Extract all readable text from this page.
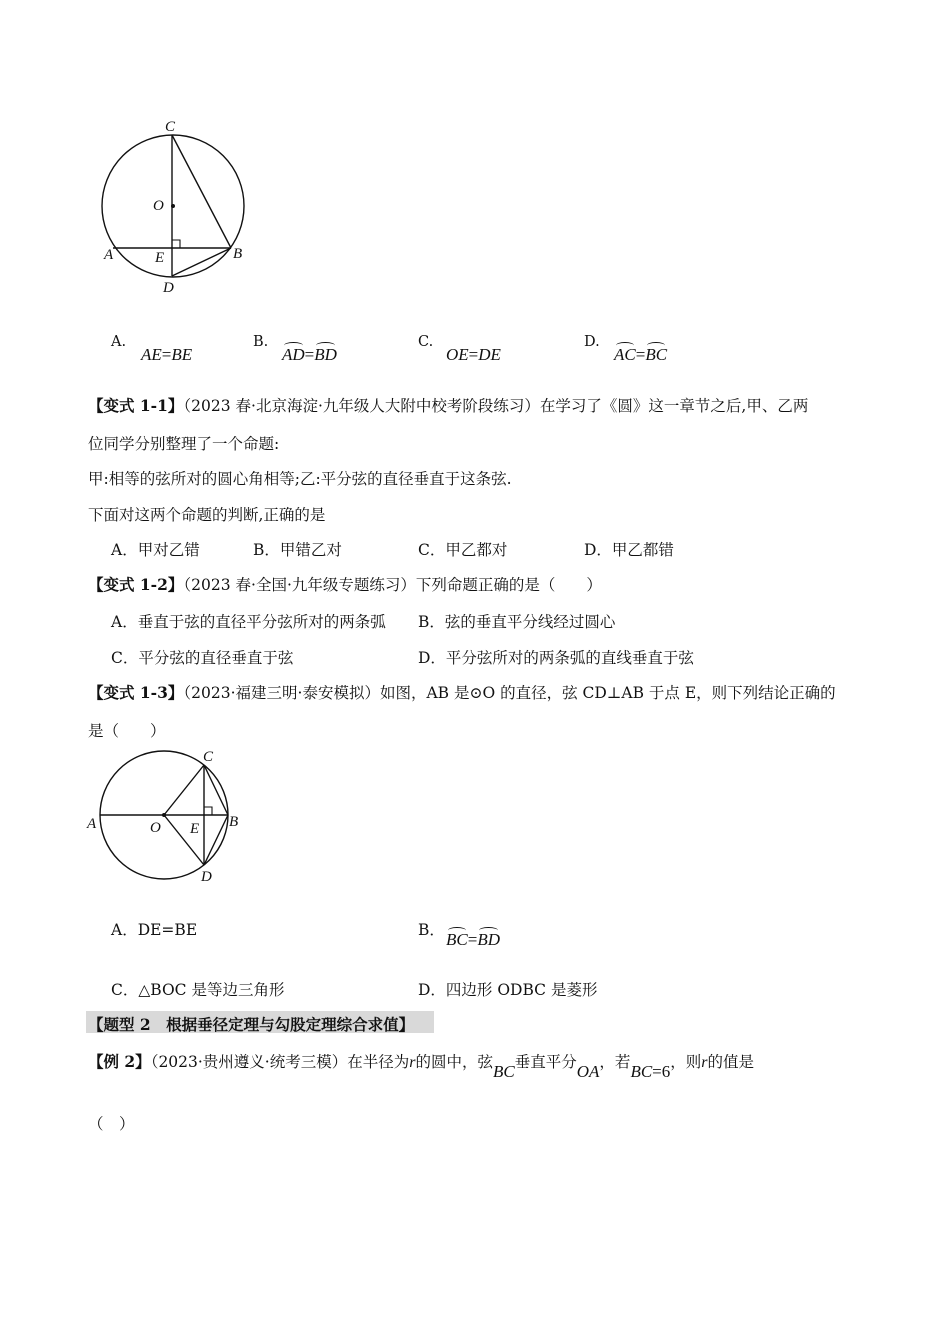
C
O
A	E	B
D
A.
AE=BE
B.
AD=BD
C.
OE=DE
D.
AC=BC
【变式 1-1】（2023 春·北京海淀·九年级人大附中校考阶段练习）在学习了《圆》这一章节之后,甲、乙两
位同学分别整理了一个命题:
甲:相等的弦所对的圆心角相等;乙:平分弦的直径垂直于这条弦.
下面对这两个命题的判断,正确的是
A．甲对乙错	B．甲错乙对	C．甲乙都对	D．甲乙都错
【变式 1-2】（2023 春·全国·九年级专题练习）下列命题正确的是（　　）
A．垂直于弦的直径平分弦所对的两条弧 B．弦的垂直平分线经过圆心
C．平分弦的直径垂直于弦	D．平分弦所对的两条弧的直线垂直于弦
【变式 1-3】（2023·福建三明·泰安模拟）如图，AB 是⊙O 的直径，弦 CD⊥AB 于点 E，则下列结论正确的
是（　　）
A	O E B
C
D
A．DE=BE	B． BC=BD
C．△BOC 是等边三角形	D．四边形 ODBC 是菱形
【题型 2　根据垂径定理与勾股定理综合求值】
【例 2】（2023·贵州遵义·统考三模）在半径为r的圆中，弦BC垂直平分OA，若BC=6，则r的值是
（　）
